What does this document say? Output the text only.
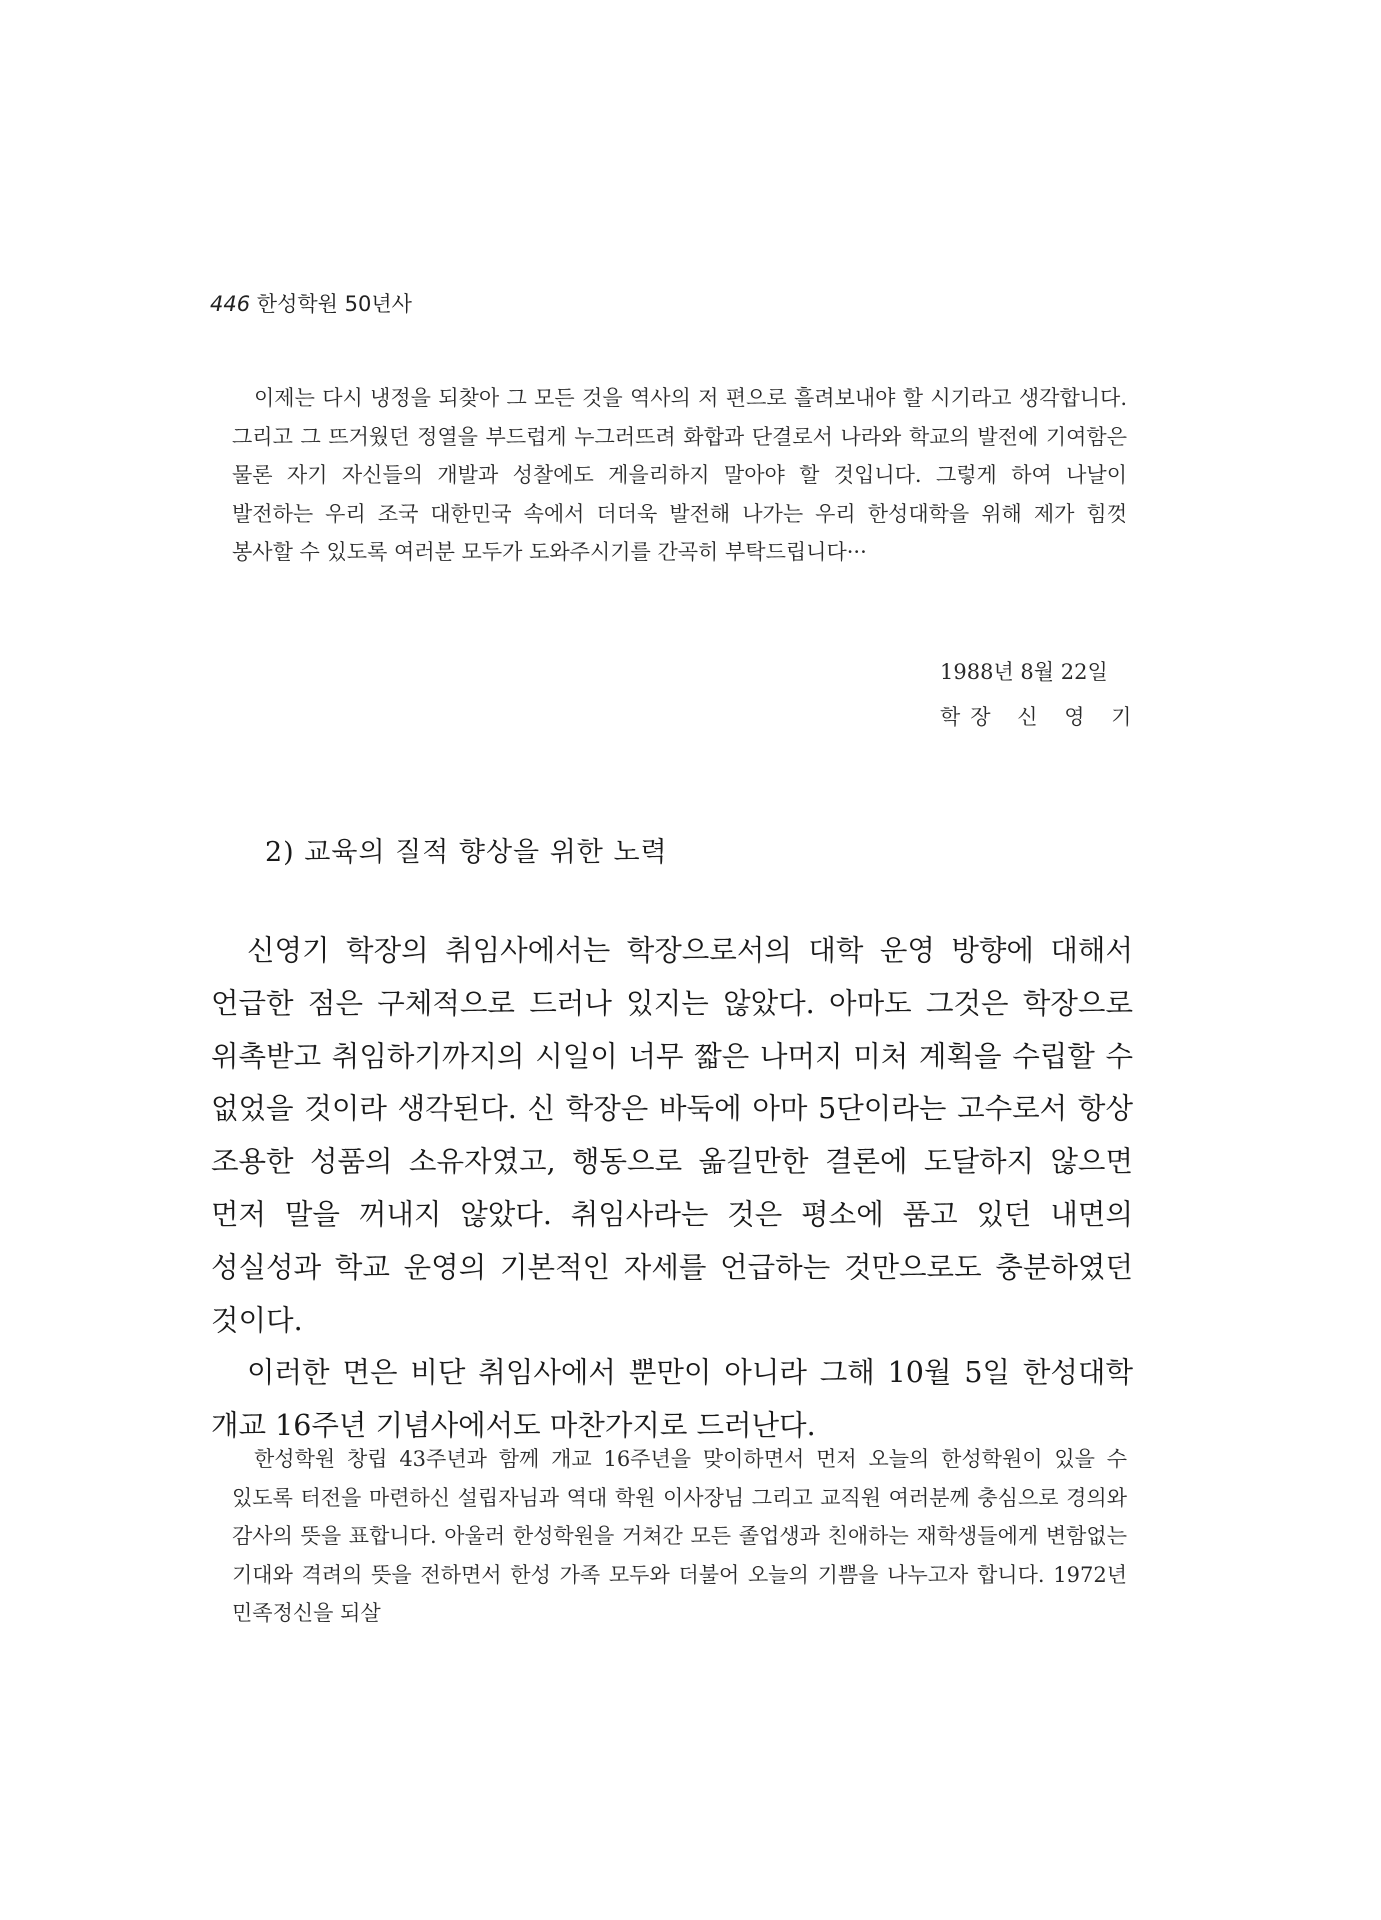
446 한성학원 50년사

이제는 다시 냉정을 되찾아 그 모든 것을 역사의 저 편으로 흘려보내야 할 시기라고 생각합니다. 그리고 그 뜨거웠던 정열을 부드럽게 누그러뜨려 화합과 단결로서 나라와 학교의 발전에 기여함은 물론 자기 자신들의 개발과 성찰에도 게을리하지 말아야 할 것입니다. 그렇게 하여 나날이 발전하는 우리 조국 대한민국 속에서 더더욱 발전해 나가는 우리 한성대학을 위해 제가 힘껏 봉사할 수 있도록 여러분 모두가 도와주시기를 간곡히 부탁드립니다···

1988년 8월 22일
학장 신 영 기
2) 교육의 질적 향상을 위한 노력

신영기 학장의 취임사에서는 학장으로서의 대학 운영 방향에 대해서 언급한 점은 구체적으로 드러나 있지는 않았다. 아마도 그것은 학장으로 위촉받고 취임하기까지의 시일이 너무 짧은 나머지 미처 계획을 수립할 수 없었을 것이라 생각된다. 신 학장은 바둑에 아마 5단이라는 고수로서 항상 조용한 성품의 소유자였고, 행동으로 옮길만한 결론에 도달하지 않으면 먼저 말을 꺼내지 않았다. 취임사라는 것은 평소에 품고 있던 내면의 성실성과 학교 운영의 기본적인 자세를 언급하는 것만으로도 충분하였던 것이다.

이러한 면은 비단 취임사에서 뿐만이 아니라 그해 10월 5일 한성대학 개교 16주년 기념사에서도 마찬가지로 드러난다.

한성학원 창립 43주년과 함께 개교 16주년을 맞이하면서 먼저 오늘의 한성학원이 있을 수 있도록 터전을 마련하신 설립자님과 역대 학원 이사장님 그리고 교직원 여러분께 충심으로 경의와 감사의 뜻을 표합니다. 아울러 한성학원을 거쳐간 모든 졸업생과 친애하는 재학생들에게 변함없는 기대와 격려의 뜻을 전하면서 한성 가족 모두와 더불어 오늘의 기쁨을 나누고자 합니다. 1972년 민족정신을 되살
